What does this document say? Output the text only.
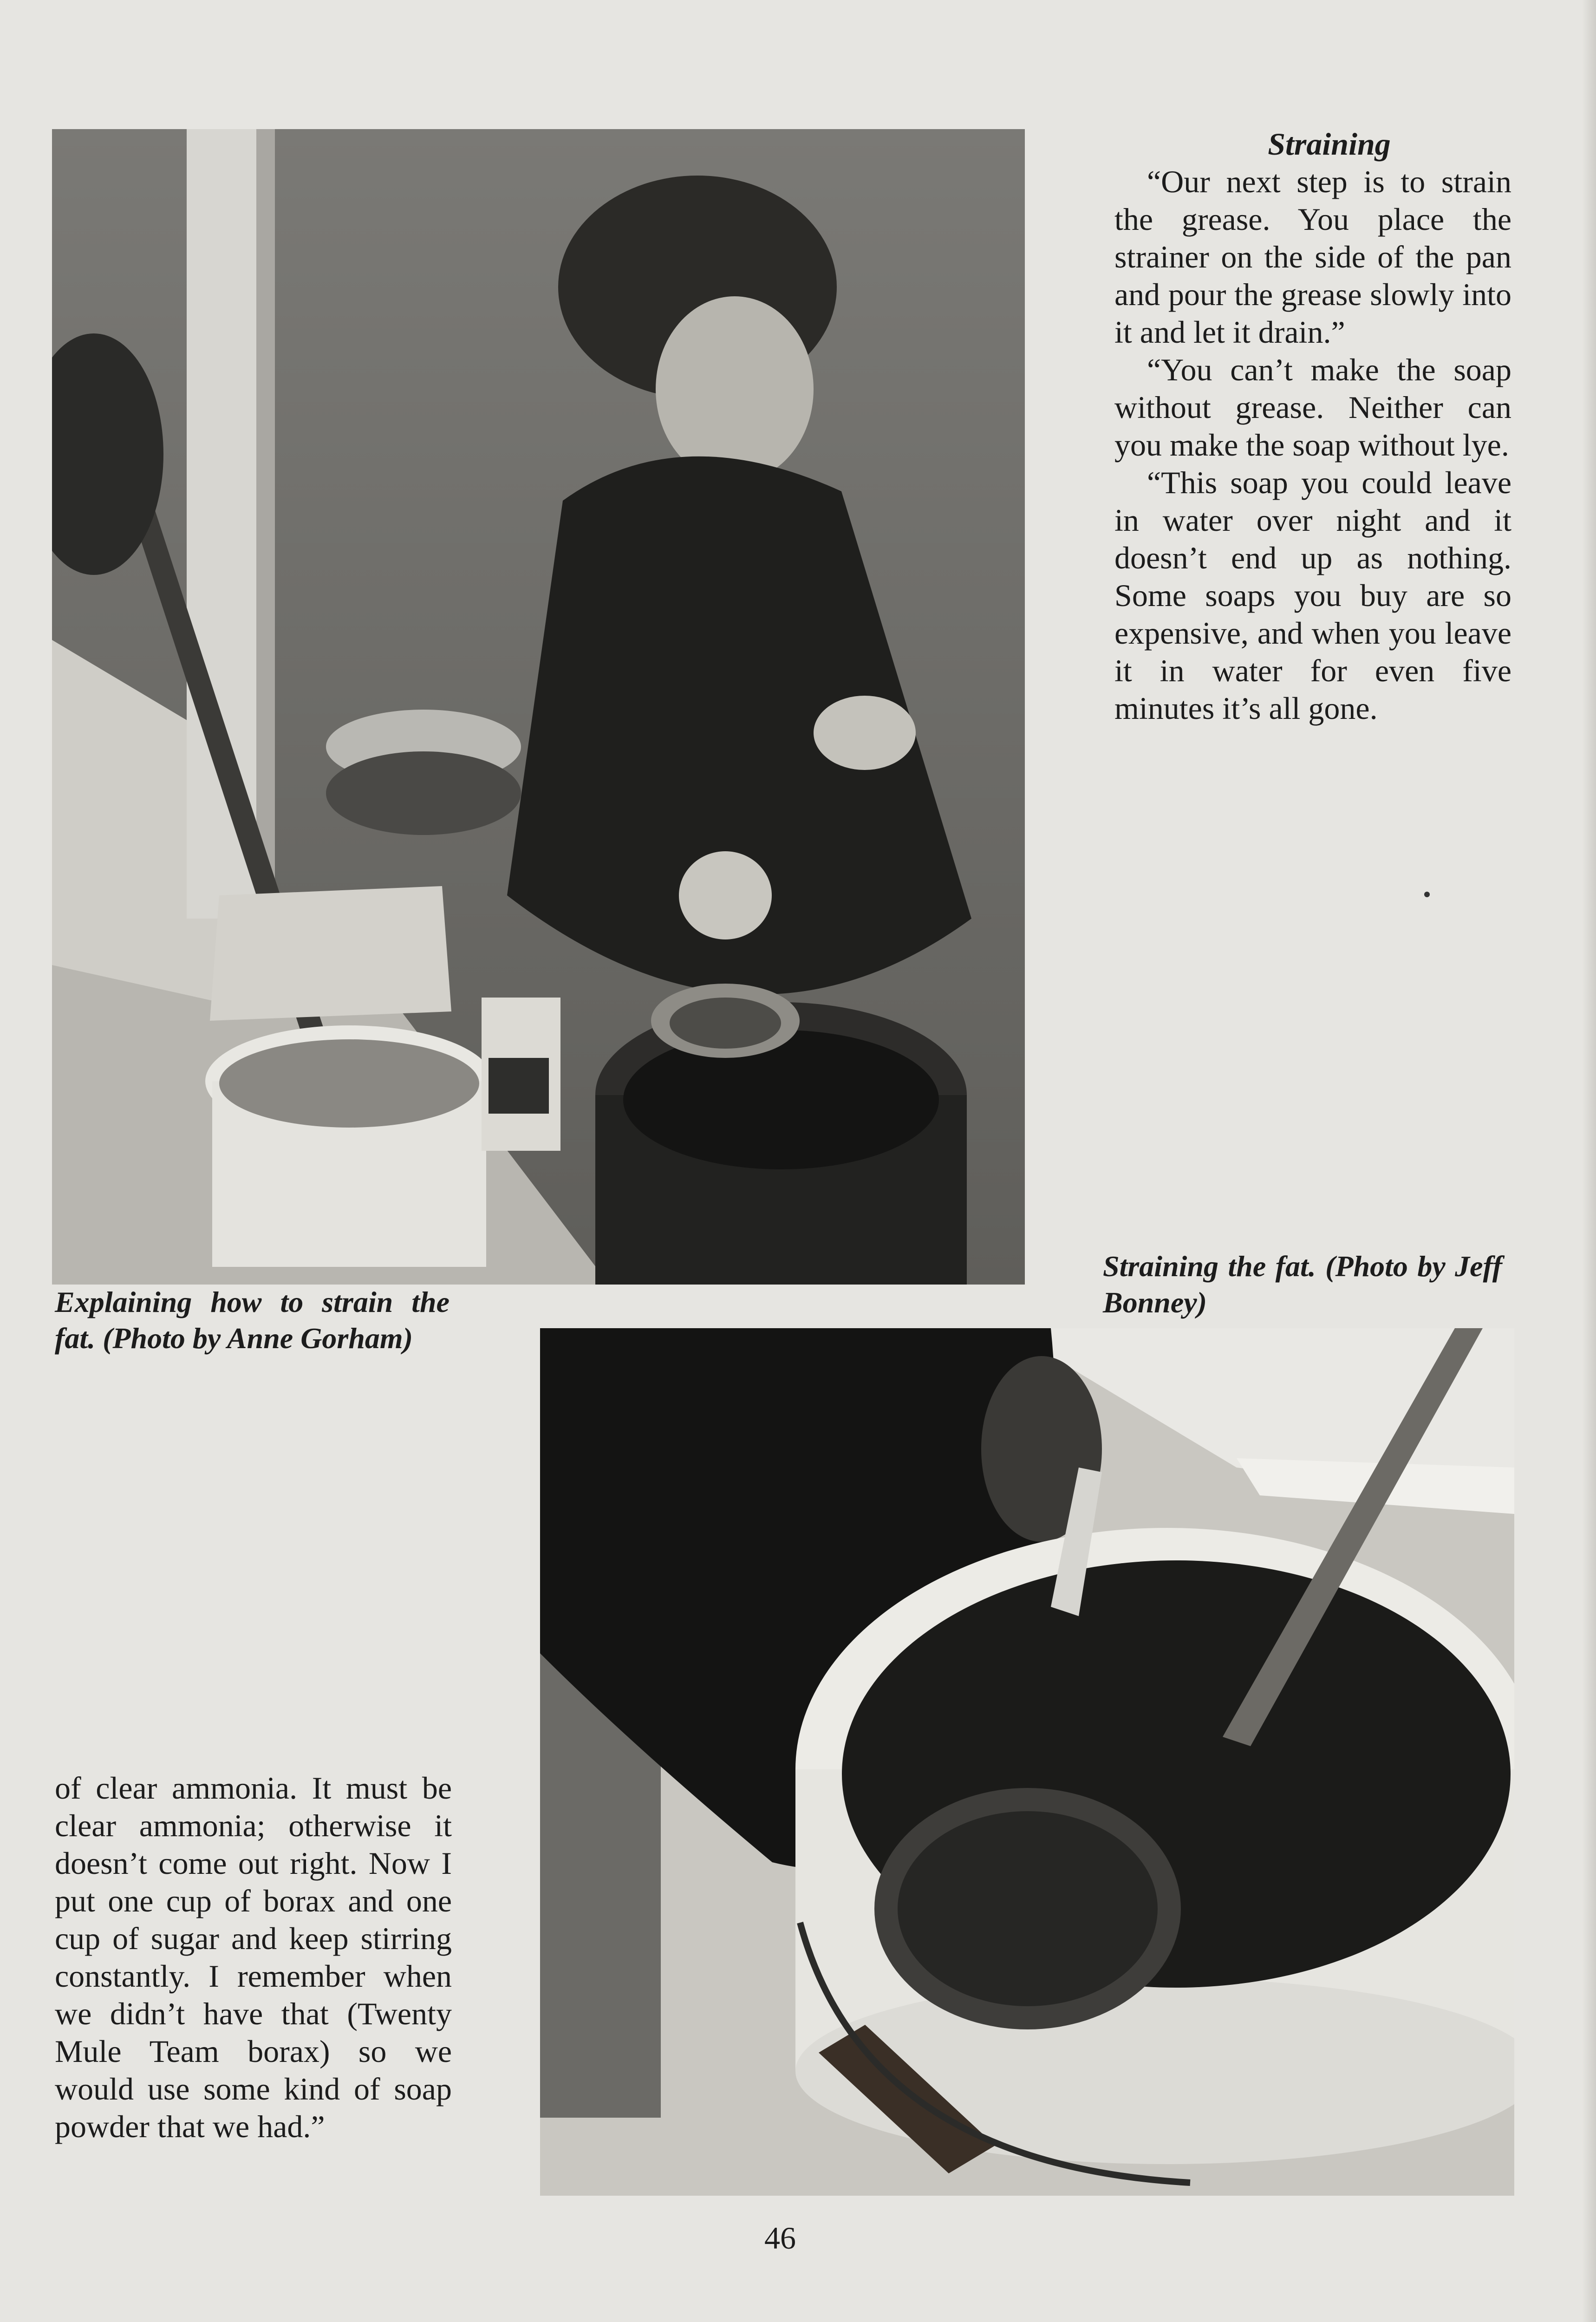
Straining

“Our next step is to strain the grease. You place the strainer on the side of the pan and pour the grease slowly into it and let it drain.”

“You can’t make the soap without grease. Neither can you make the soap without lye.

“This soap you could leave in water over night and it doesn’t end up as nothing. Some soaps you buy are so expensive, and when you leave it in water for even five minutes it’s all gone.

Straining the fat. (Photo by Jeff Bonney)
Explaining how to strain the fat. (Photo by Anne Gorham)

of clear ammonia. It must be clear ammonia; otherwise it doesn’t come out right. Now I put one cup of borax and one cup of sugar and keep stirring constantly. I remember when we didn’t have that (Twenty Mule Team borax) so we would use some kind of soap powder that we had.”

46
